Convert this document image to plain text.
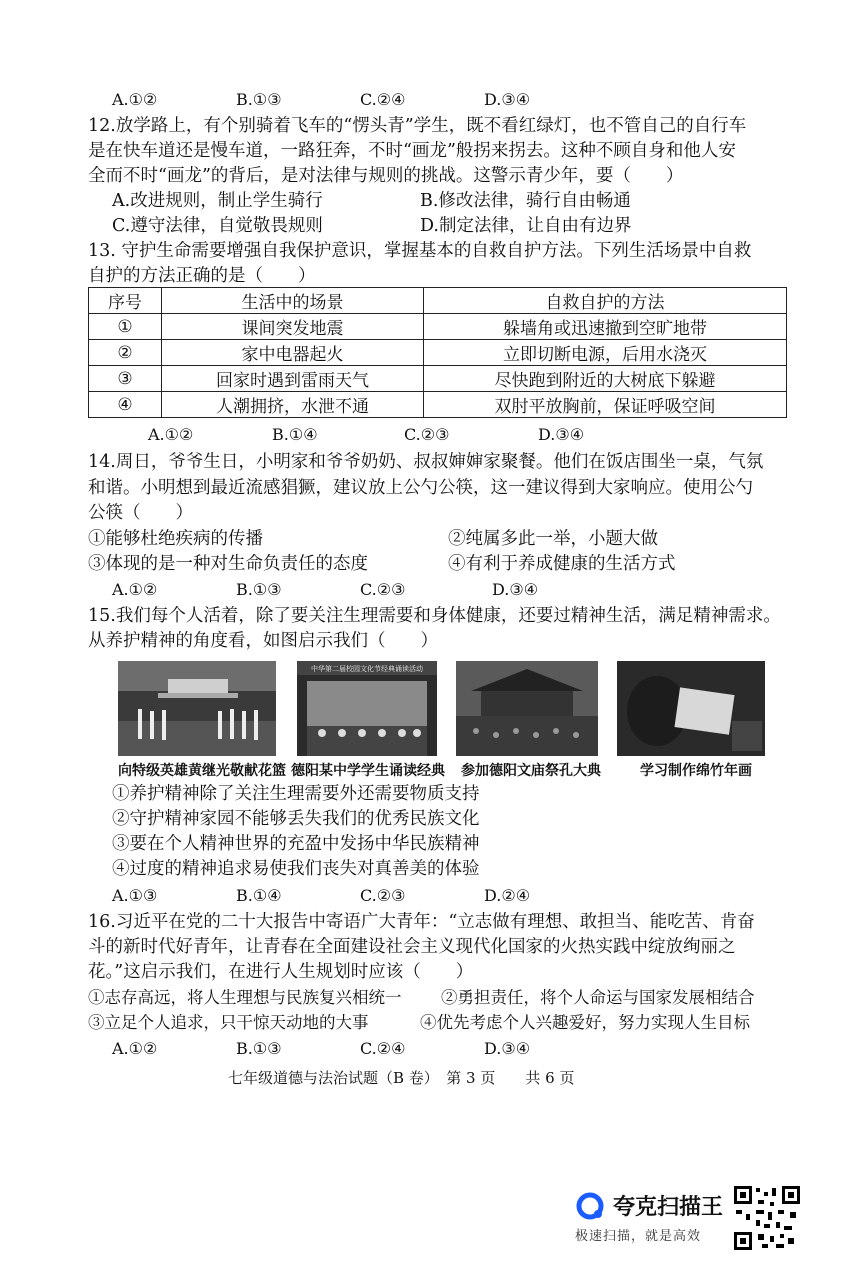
A.①②	B.①③	C.②④	D.③④
12.放学路上，有个别骑着飞车的“愣头青”学生，既不看红绿灯，也不管自己的自行车
是在快车道还是慢车道，一路狂奔，不时“画龙”般拐来拐去。这种不顾自身和他人安
全而不时“画龙”的背后，是对法律与规则的挑战。这警示青少年，要（　　）
A.改进规则，制止学生骑行	B.修改法律，骑行自由畅通
C.遵守法律，自觉敬畏规则	D.制定法律，让自由有边界
13. 守护生命需要增强自我保护意识，掌握基本的自救自护方法。下列生活场景中自救
自护的方法正确的是（　　）
序号	生活中的场景	自救自护的方法
①	课间突发地震	躲墙角或迅速撤到空旷地带
②	家中电器起火	立即切断电源，后用水浇灭
③	回家时遇到雷雨天气	尽快跑到附近的大树底下躲避
④	人潮拥挤，水泄不通	双肘平放胸前，保证呼吸空间
A.①②	B.①④	C.②③	D.③④
14.周日，爷爷生日，小明家和爷爷奶奶、叔叔婶婶家聚餐。他们在饭店围坐一桌，气氛
和谐。小明想到最近流感猖獗，建议放上公勺公筷，这一建议得到大家响应。使用公勺
公筷（　　）
①能够杜绝疾病的传播	②纯属多此一举，小题大做
③体现的是一种对生命负责任的态度	④有利于养成健康的生活方式
A.①②	B.①③	C.②③	D.③④
15.我们每个人活着，除了要关注生理需要和身体健康，还要过精神生活，满足精神需求。
从养护精神的角度看，如图启示我们（　　）
向特级英雄黄继光敬献花篮
中华第二届校园文化节经典诵读活动
德阳某中学学生诵读经典 参加德阳文庙祭孔大典	学习制作绵竹年画
①养护精神除了关注生理需要外还需要物质支持
②守护精神家园不能够丢失我们的优秀民族文化
③要在个人精神世界的充盈中发扬中华民族精神
④过度的精神追求易使我们丧失对真善美的体验
A.①③	B.①④	C.②③	D.②④
16.习近平在党的二十大报告中寄语广大青年：“立志做有理想、敢担当、能吃苦、肯奋
斗的新时代好青年，让青春在全面建设社会主义现代化国家的火热实践中绽放绚丽之
花。”这启示我们，在进行人生规划时应该（　　）
①志存高远，将人生理想与民族复兴相统一 ②勇担责任，将个人命运与国家发展相结合
③立足个人追求，只干惊天动地的大事	④优先考虑个人兴趣爱好，努力实现人生目标
A.①②	B.①③	C.②④	D.③④
七年级道德与法治试题（B 卷）　第 3 页　　共 6 页
夸克扫描王
极速扫描，就是高效
